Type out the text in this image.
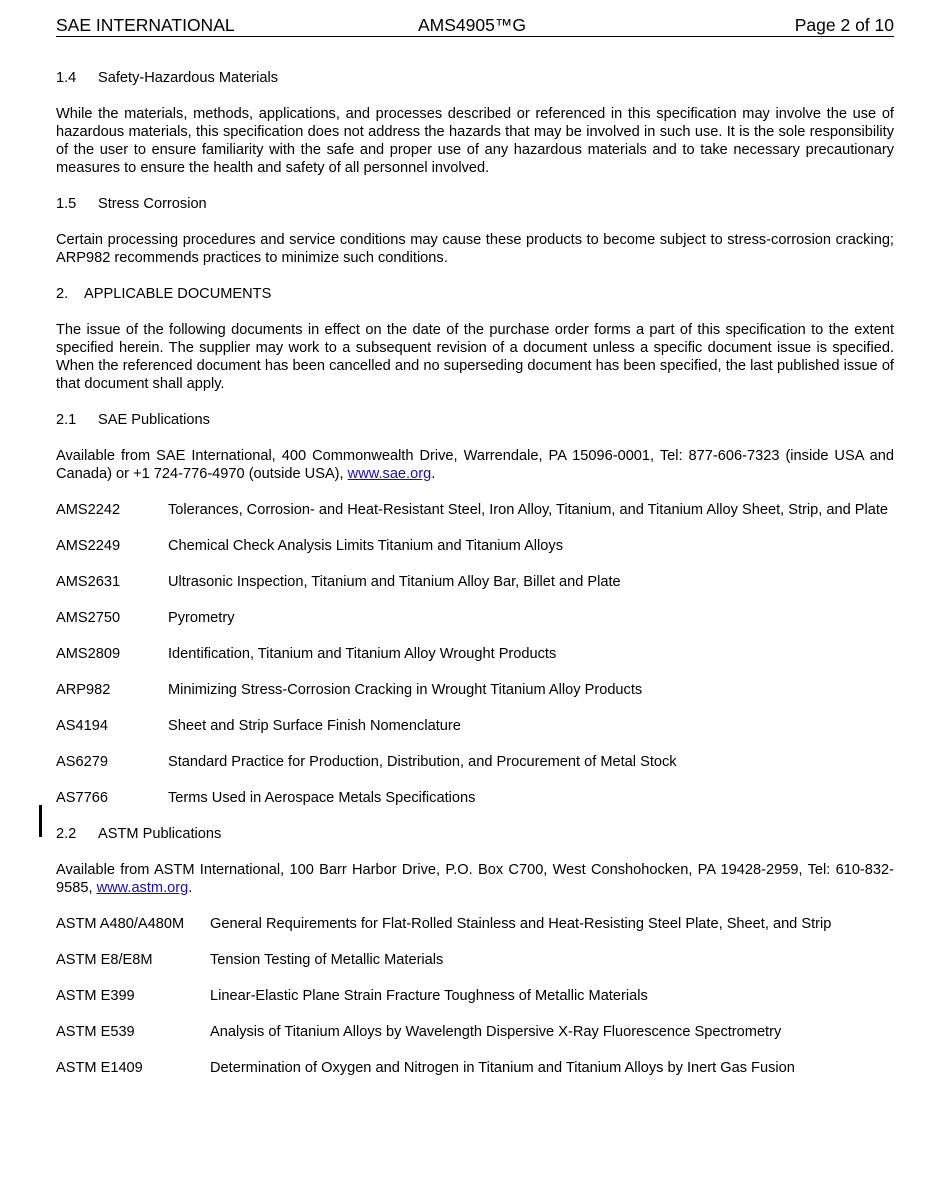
SAE INTERNATIONAL	AMS4905™G	Page 2 of 10
1.4 Safety-Hazardous Materials

While the materials, methods, applications, and processes described or referenced in this specification may involve the use of hazardous materials, this specification does not address the hazards that may be involved in such use. It is the sole responsibility of the user to ensure familiarity with the safe and proper use of any hazardous materials and to take necessary precautionary measures to ensure the health and safety of all personnel involved.

1.5 Stress Corrosion

Certain processing procedures and service conditions may cause these products to become subject to stress-corrosion cracking; ARP982 recommends practices to minimize such conditions.

2. APPLICABLE DOCUMENTS

The issue of the following documents in effect on the date of the purchase order forms a part of this specification to the extent specified herein. The supplier may work to a subsequent revision of a document unless a specific document issue is specified. When the referenced document has been cancelled and no superseding document has been specified, the last published issue of that document shall apply.

2.1 SAE Publications

Available from SAE International, 400 Commonwealth Drive, Warrendale, PA 15096-0001, Tel: 877-606-7323 (inside USA and Canada) or +1 724-776-4970 (outside USA), www.sae.org.

AMS2242	Tolerances, Corrosion- and Heat-Resistant Steel, Iron Alloy, Titanium, and Titanium Alloy Sheet, Strip, and Plate
AMS2249	Chemical Check Analysis Limits Titanium and Titanium Alloys
AMS2631	Ultrasonic Inspection, Titanium and Titanium Alloy Bar, Billet and Plate
AMS2750	Pyrometry
AMS2809	Identification, Titanium and Titanium Alloy Wrought Products
ARP982	Minimizing Stress-Corrosion Cracking in Wrought Titanium Alloy Products
AS4194	Sheet and Strip Surface Finish Nomenclature
AS6279	Standard Practice for Production, Distribution, and Procurement of Metal Stock
AS7766	Terms Used in Aerospace Metals Specifications
2.2 ASTM Publications

Available from ASTM International, 100 Barr Harbor Drive, P.O. Box C700, West Conshohocken, PA 19428-2959, Tel: 610-832-9585, www.astm.org.

ASTM A480/A480M	General Requirements for Flat-Rolled Stainless and Heat-Resisting Steel Plate, Sheet, and Strip
ASTM E8/E8M	Tension Testing of Metallic Materials
ASTM E399	Linear-Elastic Plane Strain Fracture Toughness of Metallic Materials
ASTM E539	Analysis of Titanium Alloys by Wavelength Dispersive X-Ray Fluorescence Spectrometry
ASTM E1409	Determination of Oxygen and Nitrogen in Titanium and Titanium Alloys by Inert Gas Fusion
